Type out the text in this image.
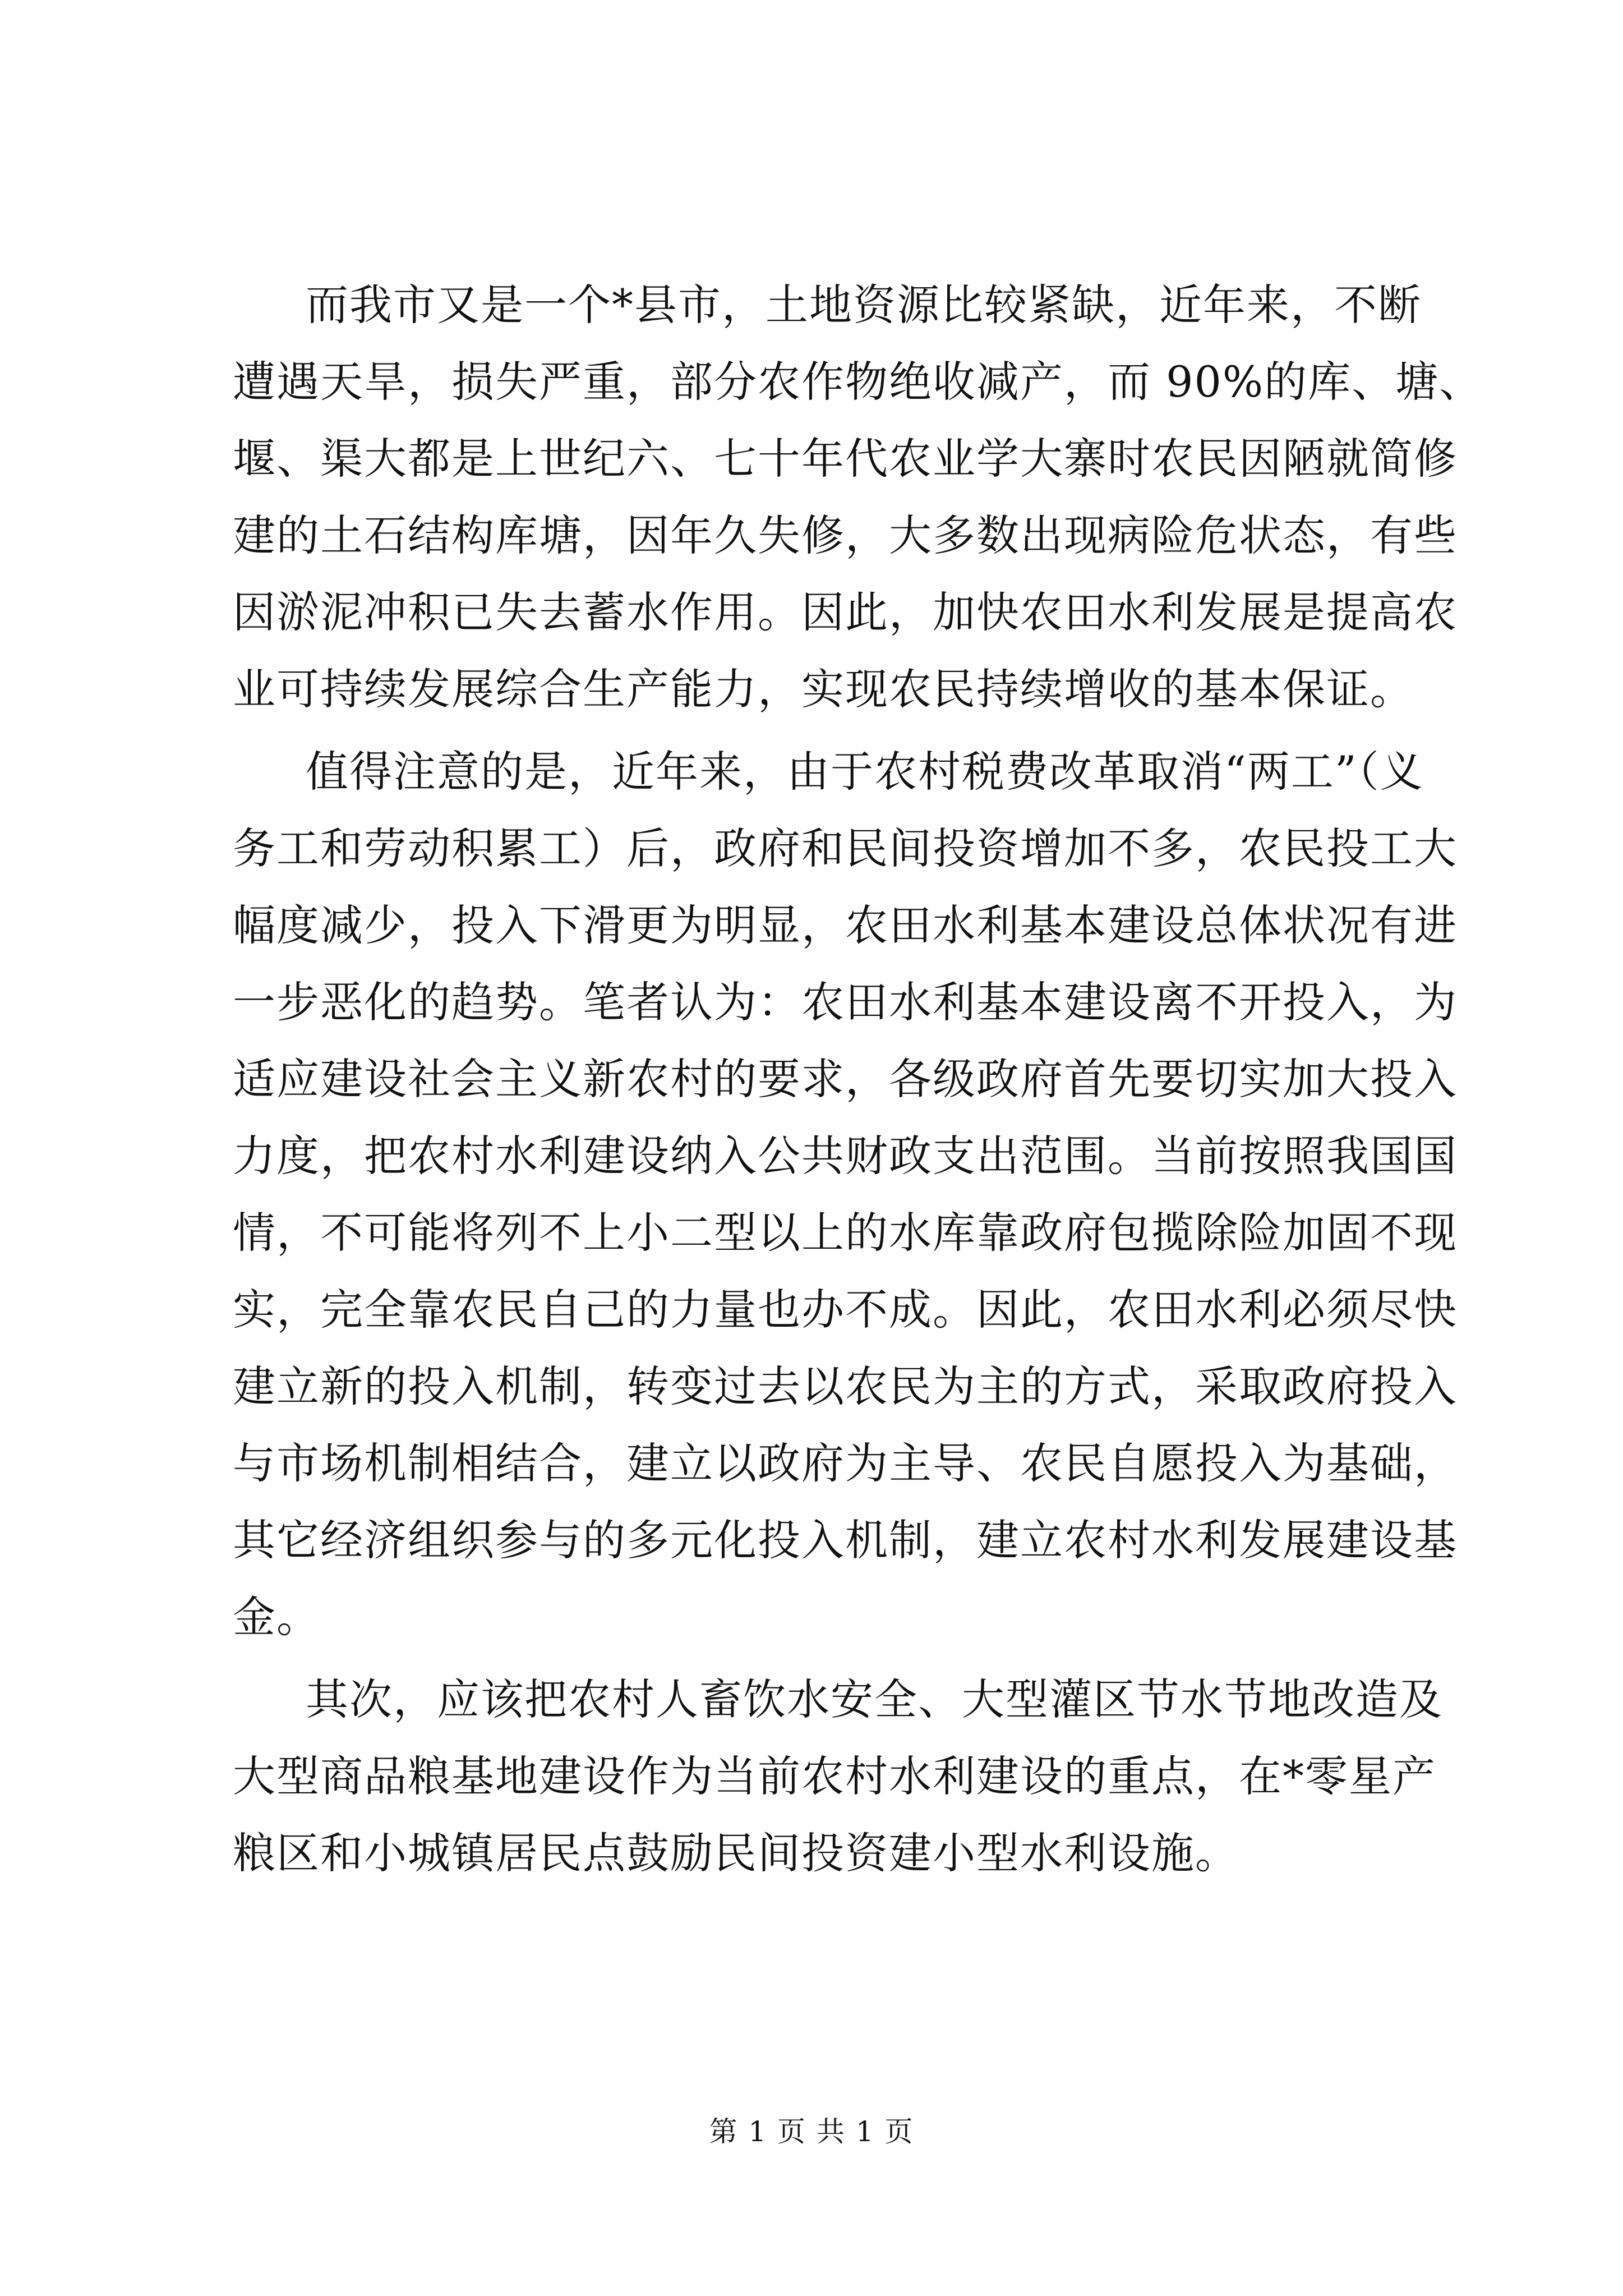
而我市又是一个*县市，土地资源比较紧缺，近年来，不断
遭遇天旱，损失严重，部分农作物绝收减产，而 90%的库、塘、
堰、渠大都是上世纪六、七十年代农业学大寨时农民因陋就简修
建的土石结构库塘，因年久失修，大多数出现病险危状态，有些
因淤泥冲积已失去蓄水作用。因此，加快农田水利发展是提高农
业可持续发展综合生产能力，实现农民持续增收的基本保证。
值得注意的是，近年来，由于农村税费改革取消“两工”（义
务工和劳动积累工）后，政府和民间投资增加不多，农民投工大
幅度减少，投入下滑更为明显，农田水利基本建设总体状况有进
一步恶化的趋势。笔者认为：农田水利基本建设离不开投入，为
适应建设社会主义新农村的要求，各级政府首先要切实加大投入
力度，把农村水利建设纳入公共财政支出范围。当前按照我国国
情，不可能将列不上小二型以上的水库靠政府包揽除险加固不现
实，完全靠农民自己的力量也办不成。因此，农田水利必须尽快
建立新的投入机制，转变过去以农民为主的方式，采取政府投入
与市场机制相结合，建立以政府为主导、农民自愿投入为基础，
其它经济组织参与的多元化投入机制，建立农村水利发展建设基
金。
其次，应该把农村人畜饮水安全、大型灌区节水节地改造及
大型商品粮基地建设作为当前农村水利建设的重点，在*零星产
粮区和小城镇居民点鼓励民间投资建小型水利设施。
第 1 页 共 1 页
